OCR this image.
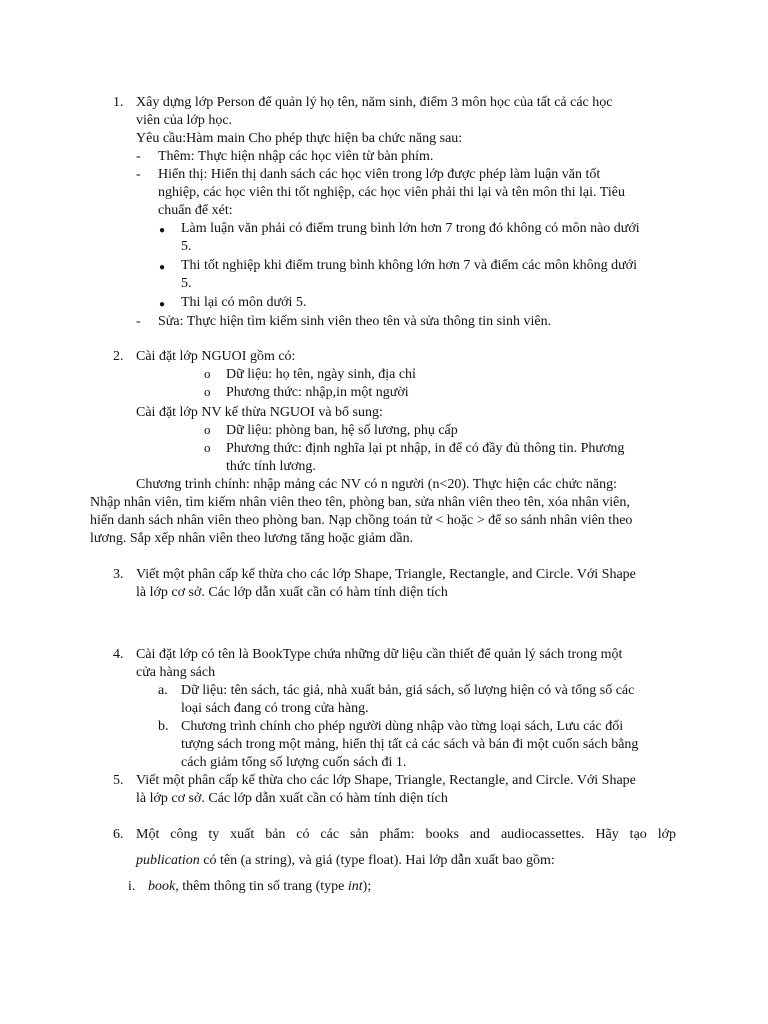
1. Xây dựng lớp Person để quản lý họ tên, năm sinh, điểm 3 môn học của tất cả các học
viên của lớp học.
Yêu cầu:Hàm main Cho phép thực hiện ba chức năng sau:
- Thêm: Thực hiện nhập các học viên từ bàn phím.
- Hiển thị: Hiển thị danh sách các học viên trong lớp được phép làm luận văn tốt
nghiệp, các học viên thi tốt nghiệp, các học viên phải thi lại và tên môn thi lại. Tiêu
chuẩn để xét:
● Làm luận văn phải có điểm trung bình lớn hơn 7 trong đó không có môn nào dưới
5.
● Thi tốt nghiệp khi điểm trung bình không lớn hơn 7 và điểm các môn không dưới
5.
● Thi lại có môn dưới 5.
- Sửa: Thực hiện tìm kiếm sinh viên theo tên và sửa thông tin sinh viên.
2. Cài đặt lớp NGUOI gồm có:
o Dữ liệu: họ tên, ngày sinh, địa chỉ
o Phương thức: nhập,in một người
Cài đặt lớp NV kế thừa NGUOI và bổ sung:
o Dữ liệu: phòng ban, hệ số lương, phụ cấp
o Phương thức: định nghĩa lại pt nhập, in để có đầy đủ thông tin. Phương
thức tính lương.
Chương trình chính: nhập mảng các NV có n người (n<20). Thực hiện các chức năng:
Nhập nhân viên, tìm kiếm nhân viên theo tên, phòng ban, sửa nhân viên theo tên, xóa nhân viên,
hiển danh sách nhân viên theo phòng ban. Nạp chồng toán tử < hoặc > để so sánh nhân viên theo
lương. Sắp xếp nhân viên theo lương tăng hoặc giảm dần.
3. Viết một phân cấp kế thừa cho các lớp Shape, Triangle, Rectangle, and Circle. Với Shape
là lớp cơ sở. Các lớp dẫn xuất cần có hàm tính diện tích
4. Cài đặt lớp có tên là BookType chứa những dữ liệu cần thiết để quản lý sách trong một
cửa hàng sách
a. Dữ liệu: tên sách, tác giả, nhà xuất bản, giá sách, số lượng hiện có và tổng số các
loại sách đang có trong cửa hàng.
b. Chương trình chính cho phép người dùng nhập vào từng loại sách, Lưu các đối
tượng sách trong một mảng, hiển thị tất cả các sách và bán đi một cuốn sách bằng
cách giảm tổng số lượng cuốn sách đi 1.
5. Viết một phân cấp kế thừa cho các lớp Shape, Triangle, Rectangle, and Circle. Với Shape
là lớp cơ sở. Các lớp dẫn xuất cần có hàm tính diện tích
6. Một công ty xuất bản có các sản phẩm: books and audiocassettes. Hãy tạo lớp
publication có tên (a string), và giá (type float). Hai lớp dẫn xuất bao gồm:
i. book, thêm thông tin số trang (type int);
